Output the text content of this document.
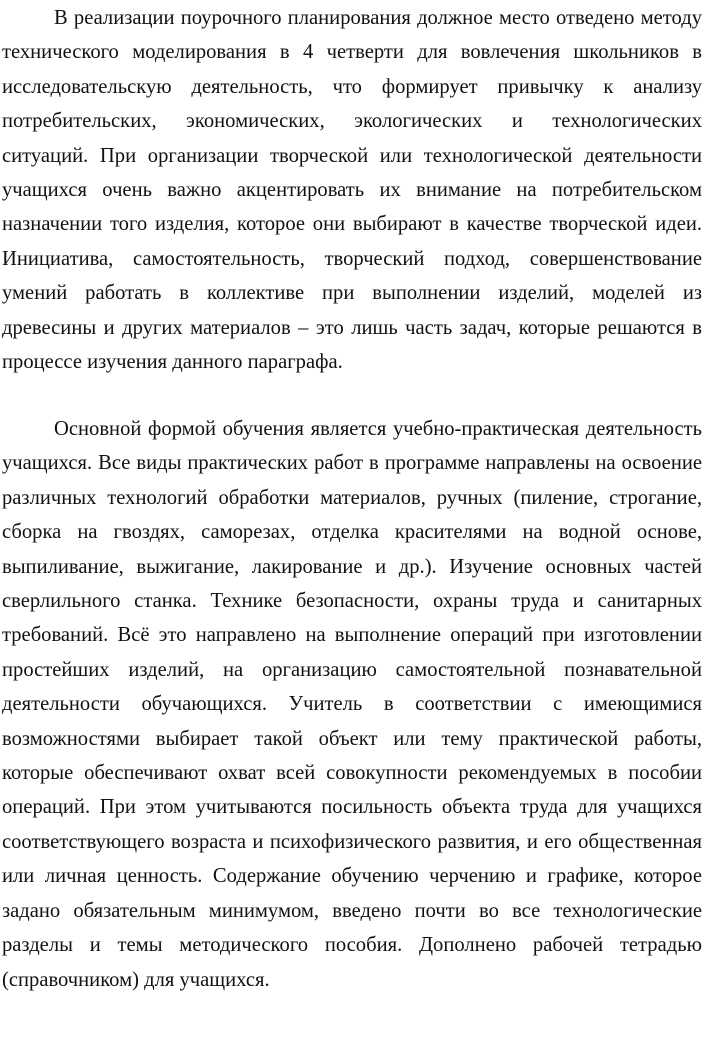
В реализации поурочного планирования должное место отведено методу
технического моделирования в 4 четверти для вовлечения школьников в
исследовательскую деятельность, что формирует привычку к анализу
потребительских, экономических, экологических и технологических
ситуаций. При организации творческой или технологической деятельности
учащихся очень важно акцентировать их внимание на потребительском
назначении того изделия, которое они выбирают в качестве творческой идеи.
Инициатива, самостоятельность, творческий подход, совершенствование
умений работать в коллективе при выполнении изделий, моделей из
древесины и других материалов – это лишь часть задач, которые решаются в
процессе изучения данного параграфа.

Основной формой обучения является учебно-практическая деятельность
учащихся. Все виды практических работ в программе направлены на освоение
различных технологий обработки материалов, ручных (пиление, строгание,
сборка на гвоздях, саморезах, отделка красителями на водной основе,
выпиливание, выжигание, лакирование и др.). Изучение основных частей
сверлильного станка. Технике безопасности, охраны труда и санитарных
требований. Всё это направлено на выполнение операций при изготовлении
простейших изделий, на организацию самостоятельной познавательной
деятельности обучающихся. Учитель в соответствии с имеющимися
возможностями выбирает такой объект или тему практической работы,
которые обеспечивают охват всей совокупности рекомендуемых в пособии
операций. При этом учитываются посильность объекта труда для учащихся
соответствующего возраста и психофизического развития, и его общественная
или личная ценность. Содержание обучению черчению и графике, которое
задано обязательным минимумом, введено почти во все технологические
разделы и темы методического пособия. Дополнено рабочей тетрадью
(справочником) для учащихся.
